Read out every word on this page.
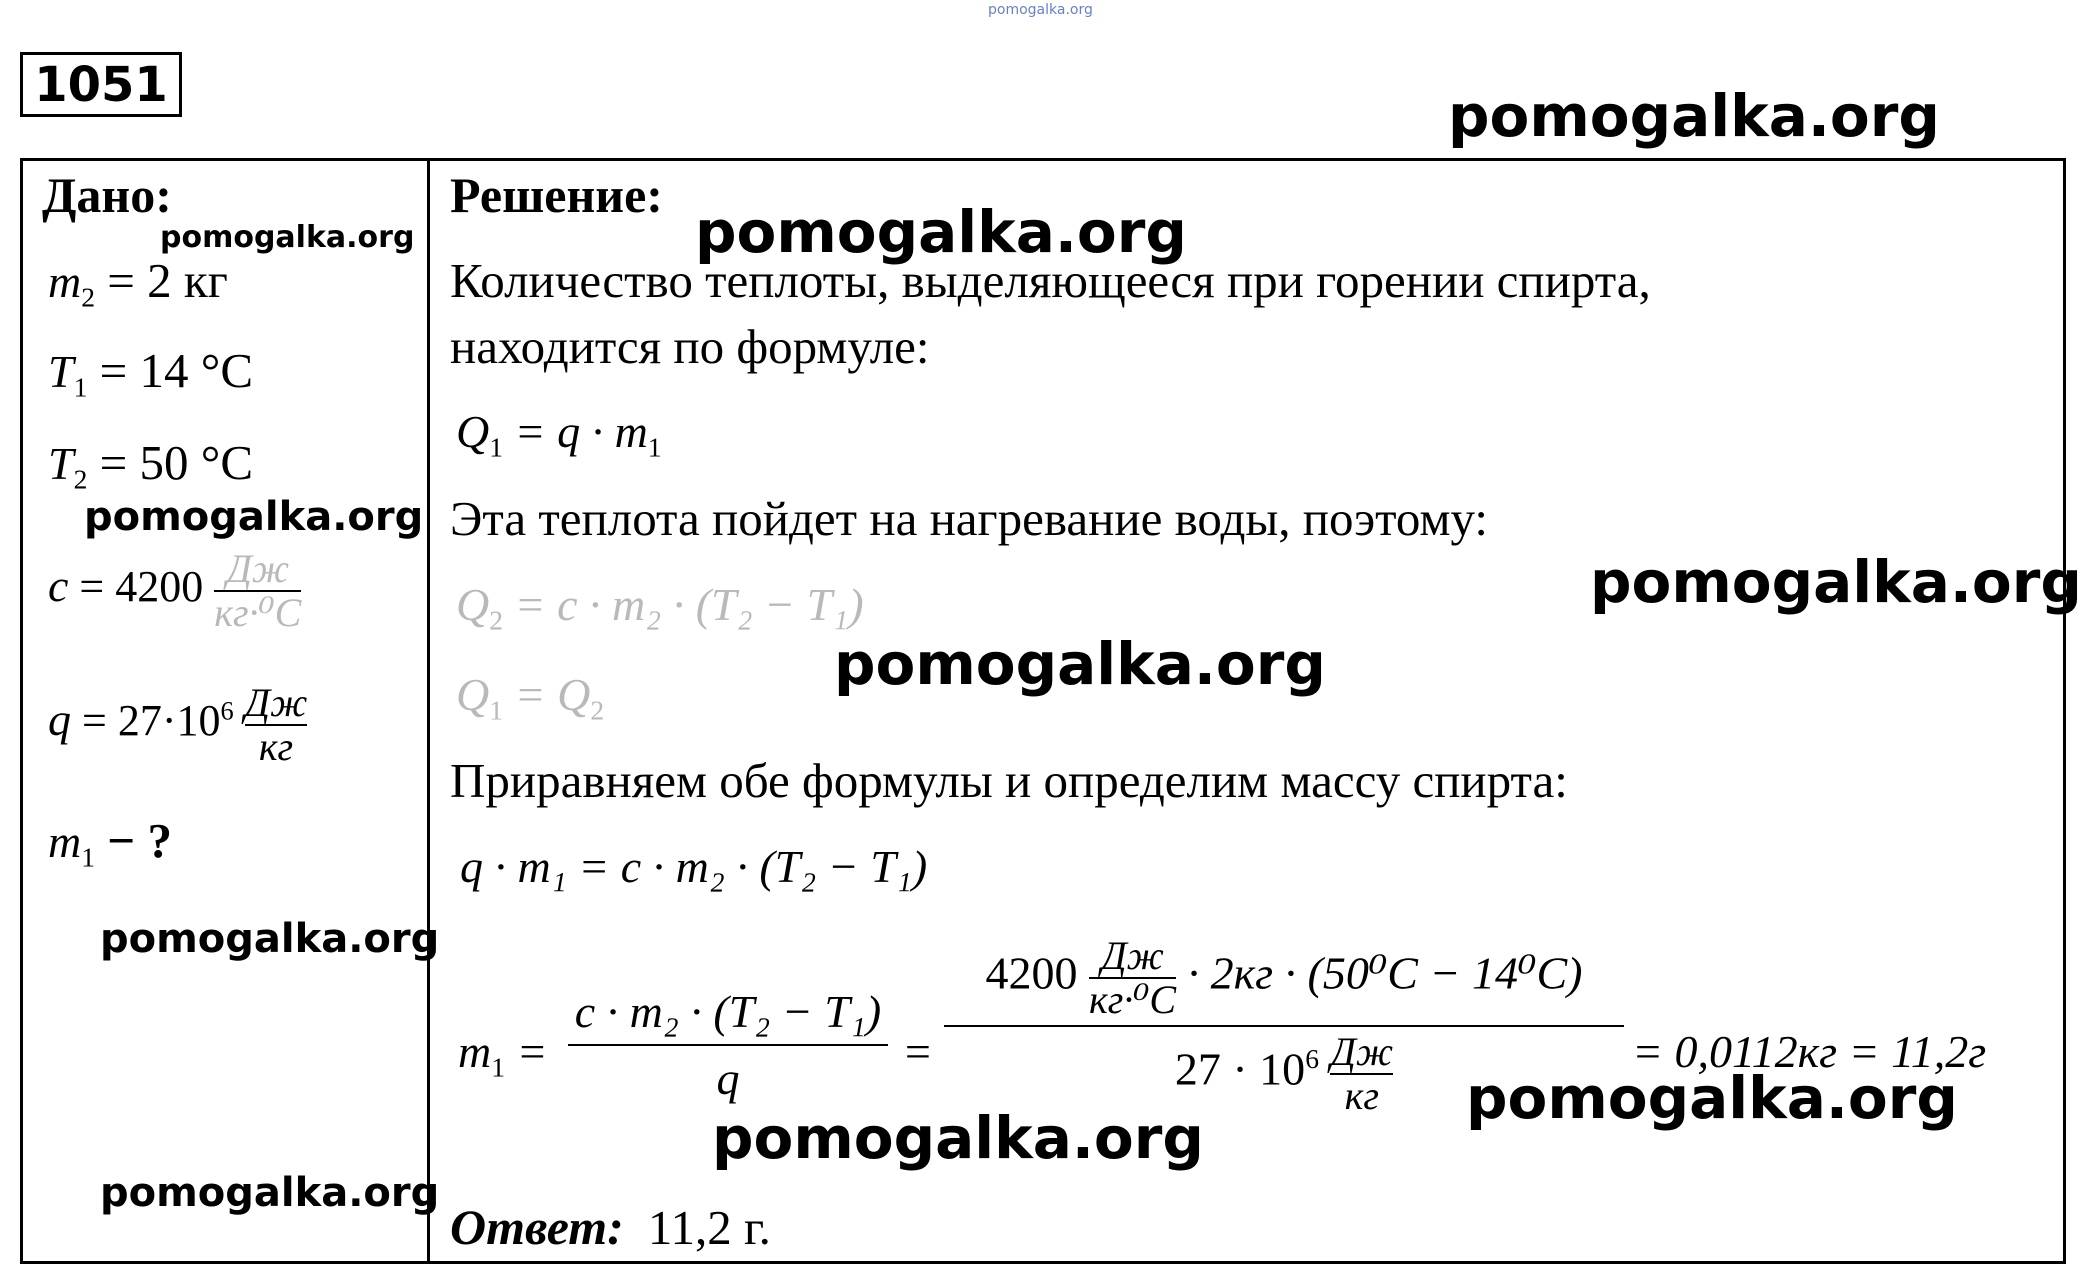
pomogalka.org
1051	pomogalka.org
Дано:
pomogalka.org
$m_2 = 2$ кг
$T_1 = 14$ °С
$T_2 = 50$ °С
pomogalka.org
$c = 4200 \frac{Дж}{\text{кг·⁰С}}$
$q = 27\cdot 10^6 \frac{Дж}{кг}$
$m_1$ − ?
pomogalka.org
pomogalka.org
Решение:
pomogalka.org
Количество теплоты, выделяющееся при горении спирта,
находится по формуле:
$Q_1 = q \cdot m_1$
Эта теплота пойдет на нагревание воды, поэтому:
pomogalka.org
$Q_2 = c \cdot m_2 \cdot (T_2 - T_1)$
pomogalka.org
$Q_1 = Q_2$
Приравняем обе формулы и определим массу спирта:
q · m₁ = c · m₂ · (T₂ − T₁)
$m_1$ =
c · m₂ · (T₂ − T₁)
q
=
$4200 \frac{Дж}{\text{кг·⁰С}} \cdot 2кг \cdot (50^0С - 14^0С)$
$27 \cdot 10^6 \frac{Дж}{кг}$	= 0,0112кг = 11,2г
pomogalka.org
pomogalka.org
Ответ: 11,2 г.
